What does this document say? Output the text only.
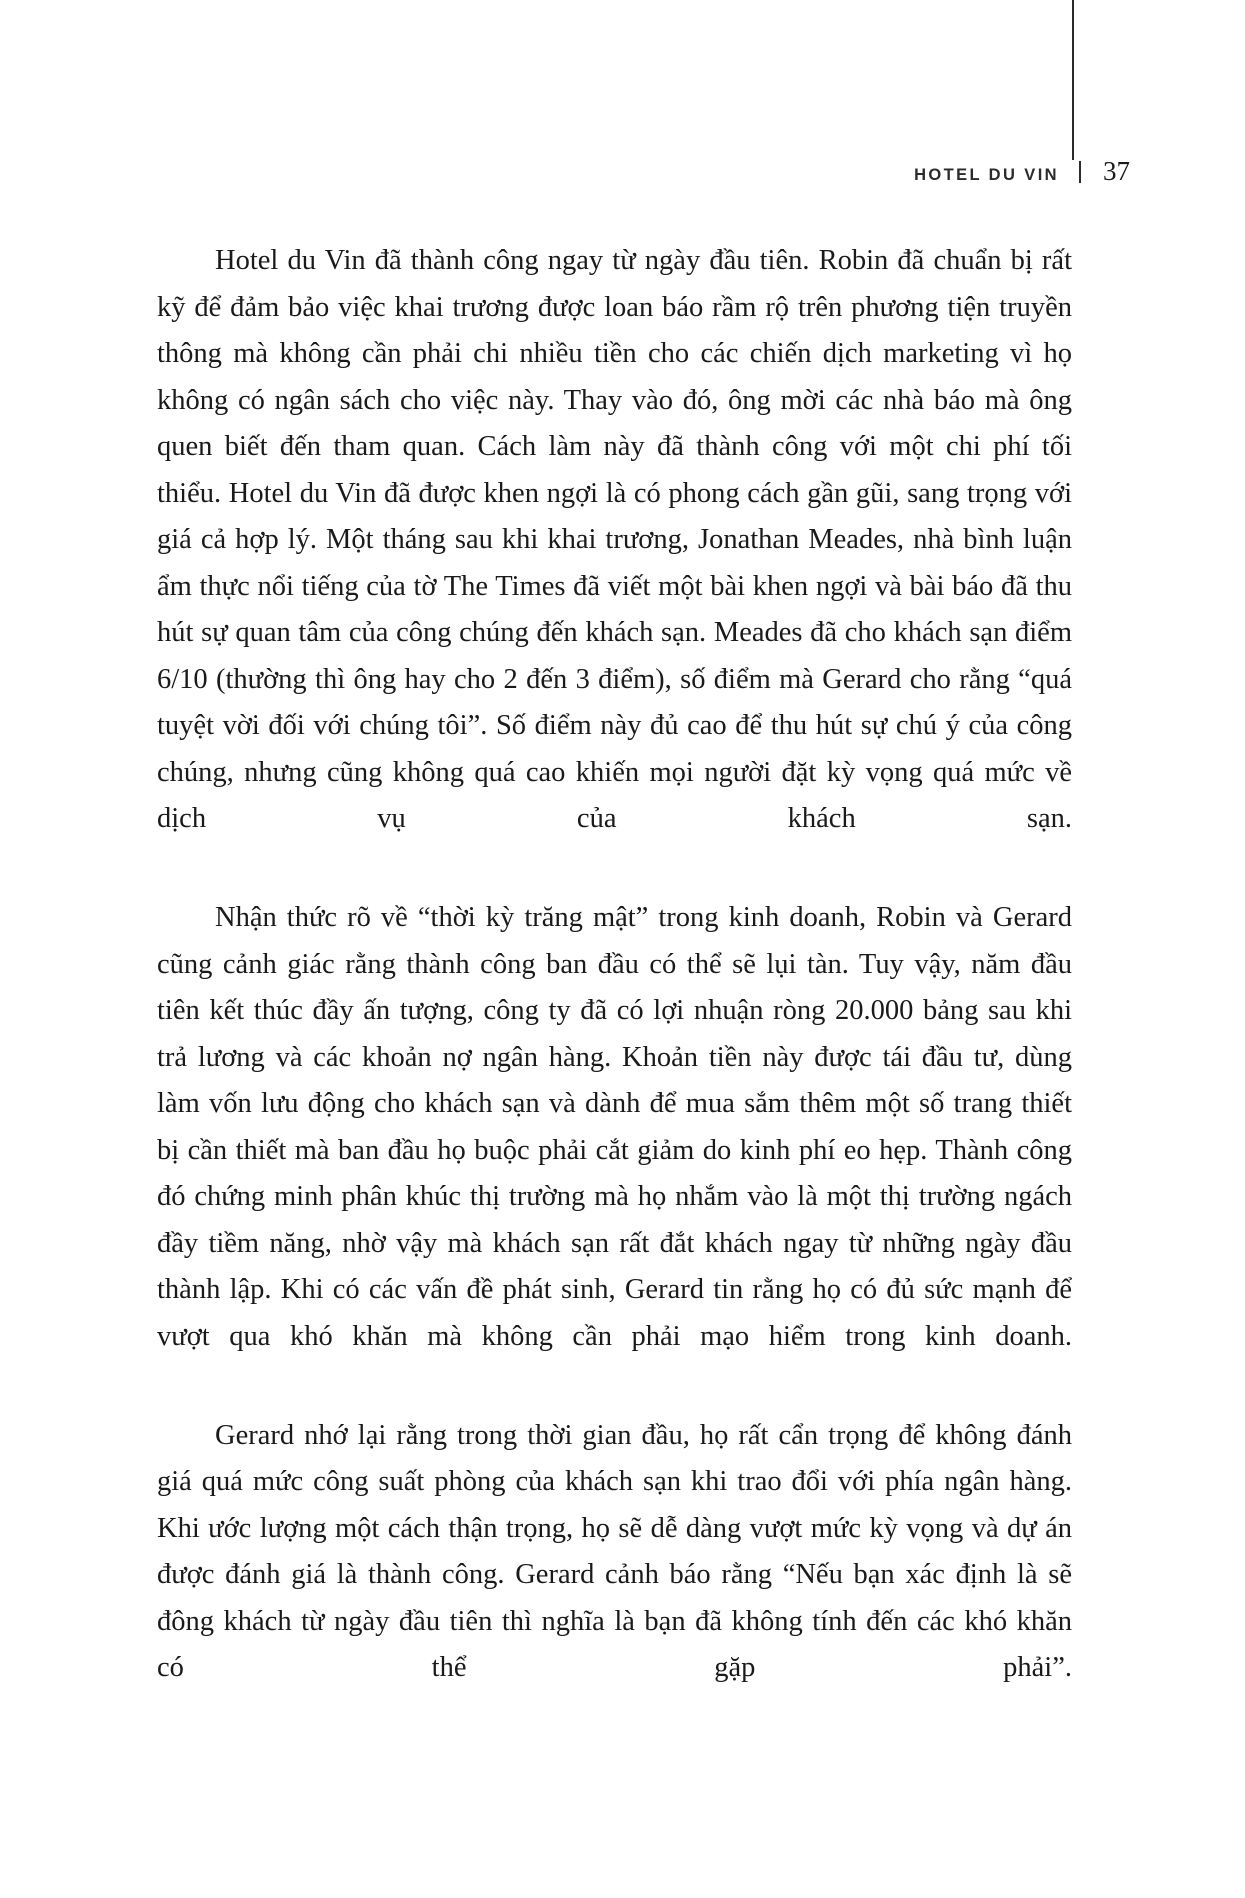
HOTEL DU VIN	37

Hotel du Vin đã thành công ngay từ ngày đầu tiên. Robin đã chuẩn bị rất kỹ để đảm bảo việc khai trương được loan báo rầm rộ trên phương tiện truyền thông mà không cần phải chi nhiều tiền cho các chiến dịch marketing vì họ không có ngân sách cho việc này. Thay vào đó, ông mời các nhà báo mà ông quen biết đến tham quan. Cách làm này đã thành công với một chi phí tối thiểu. Hotel du Vin đã được khen ngợi là có phong cách gần gũi, sang trọng với giá cả hợp lý. Một tháng sau khi khai trương, Jonathan Meades, nhà bình luận ẩm thực nổi tiếng của tờ The Times đã viết một bài khen ngợi và bài báo đã thu hút sự quan tâm của công chúng đến khách sạn. Meades đã cho khách sạn điểm 6/10 (thường thì ông hay cho 2 đến 3 điểm), số điểm mà Gerard cho rằng “quá tuyệt vời đối với chúng tôi”. Số điểm này đủ cao để thu hút sự chú ý của công chúng, nhưng cũng không quá cao khiến mọi người đặt kỳ vọng quá mức về dịch vụ của khách sạn.

Nhận thức rõ về “thời kỳ trăng mật” trong kinh doanh, Robin và Gerard cũng cảnh giác rằng thành công ban đầu có thể sẽ lụi tàn. Tuy vậy, năm đầu tiên kết thúc đầy ấn tượng, công ty đã có lợi nhuận ròng 20.000 bảng sau khi trả lương và các khoản nợ ngân hàng. Khoản tiền này được tái đầu tư, dùng làm vốn lưu động cho khách sạn và dành để mua sắm thêm một số trang thiết bị cần thiết mà ban đầu họ buộc phải cắt giảm do kinh phí eo hẹp. Thành công đó chứng minh phân khúc thị trường mà họ nhắm vào là một thị trường ngách đầy tiềm năng, nhờ vậy mà khách sạn rất đắt khách ngay từ những ngày đầu thành lập. Khi có các vấn đề phát sinh, Gerard tin rằng họ có đủ sức mạnh để vượt qua khó khăn mà không cần phải mạo hiểm trong kinh doanh.

Gerard nhớ lại rằng trong thời gian đầu, họ rất cẩn trọng để không đánh giá quá mức công suất phòng của khách sạn khi trao đổi với phía ngân hàng. Khi ước lượng một cách thận trọng, họ sẽ dễ dàng vượt mức kỳ vọng và dự án được đánh giá là thành công. Gerard cảnh báo rằng “Nếu bạn xác định là sẽ đông khách từ ngày đầu tiên thì nghĩa là bạn đã không tính đến các khó khăn có thể gặp phải”.
